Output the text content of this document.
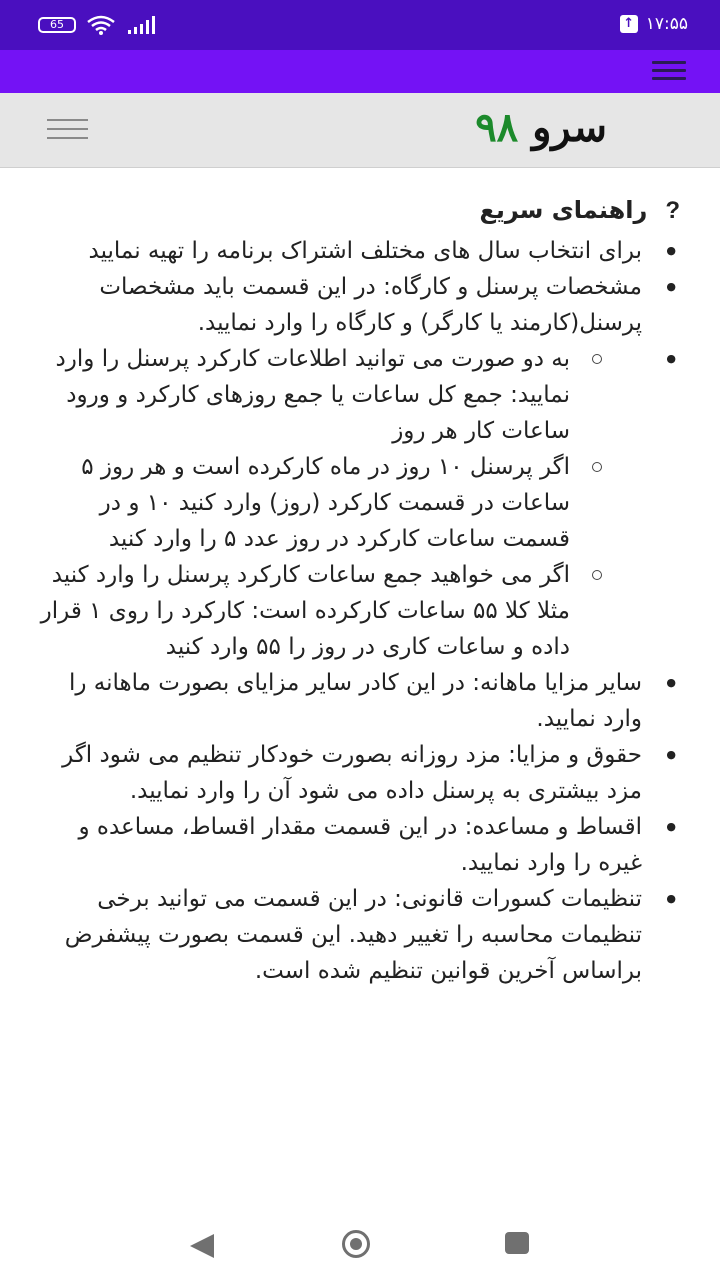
65	↑ ۱۷:۵۵
سرو ۹۸
?راهنمای سریع
● برای انتخاب سال های مختلف اشتراک برنامه را تهیه نمایید
● مشخصات پرسنل و کارگاه: در این قسمت باید مشخصات پرسنل(کارمند یا کارگر) و کارگاه را وارد نمایید.
● به دو صورت می توانید اطلاعات کارکرد پرسنل را وارد نمایید: جمع کل ساعات یا جمع روزهای کارکرد و ورود ساعات کار هر روز
اگر پرسنل ۱۰ روز در ماه کارکرده است و هر روز ۵ ساعات در قسمت کارکرد (روز) وارد کنید ۱۰ و در قسمت ساعات کارکرد در روز عدد ۵ را وارد کنید
اگر می خواهید جمع ساعات کارکرد پرسنل را وارد کنید مثلا کلا ۵۵ ساعات کارکرده است: کارکرد را روی ۱ قرار داده و ساعات کاری در روز را ۵۵ وارد کنید
● سایر مزایا ماهانه: در این کادر سایر مزایای بصورت ماهانه را وارد نمایید.
● حقوق و مزایا: مزد روزانه بصورت خودکار تنظیم می شود اگر مزد بیشتری به پرسنل داده می شود آن را وارد نمایید.
● اقساط و مساعده: در این قسمت مقدار اقساط، مساعده و غیره را وارد نمایید.
● تنظیمات کسورات قانونی: در این قسمت می توانید برخی تنظیمات محاسبه را تغییر دهید. این قسمت بصورت پیشفرض براساس آخرین قوانین تنظیم شده است.
